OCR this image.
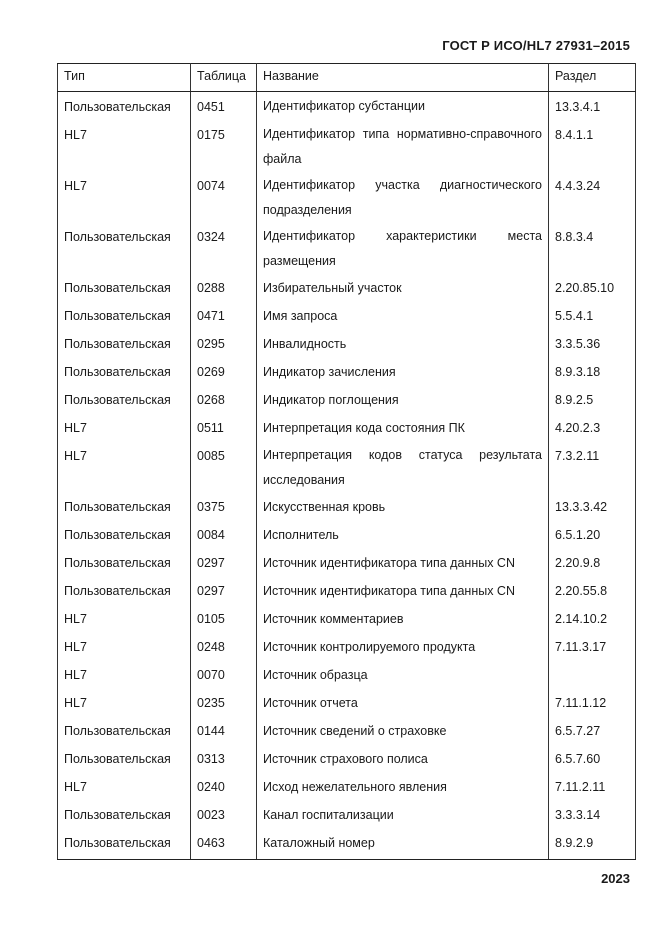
ГОСТ Р ИСО/HL7 27931–2015
Тип	Таблица	Название	Раздел
Пользовательская	0451	Идентификатор субстанции	13.3.4.1
HL7	0175	Идентификатор типа нормативно-справочного файла	8.4.1.1
HL7	0074	Идентификатор участка диагностического подразделения	4.4.3.24
Пользовательская	0324	Идентификатор характеристики места размещения	8.8.3.4
Пользовательская	0288	Избирательный участок	2.20.85.10
Пользовательская	0471	Имя запроса	5.5.4.1
Пользовательская	0295	Инвалидность	3.3.5.36
Пользовательская	0269	Индикатор зачисления	8.9.3.18
Пользовательская	0268	Индикатор поглощения	8.9.2.5
HL7	0511	Интерпретация кода состояния ПК	4.20.2.3
HL7	0085	Интерпретация кодов статуса результата исследования	7.3.2.11
Пользовательская	0375	Искусственная кровь	13.3.3.42
Пользовательская	0084	Исполнитель	6.5.1.20
Пользовательская	0297	Источник идентификатора типа данных CN	2.20.9.8
Пользовательская	0297	Источник идентификатора типа данных CN	2.20.55.8
HL7	0105	Источник комментариев	2.14.10.2
HL7	0248	Источник контролируемого продукта	7.11.3.17
HL7	0070	Источник образца	
HL7	0235	Источник отчета	7.11.1.12
Пользовательская	0144	Источник сведений о страховке	6.5.7.27
Пользовательская	0313	Источник страхового полиса	6.5.7.60
HL7	0240	Исход нежелательного явления	7.11.2.11
Пользовательская	0023	Канал госпитализации	3.3.3.14
Пользовательская	0463	Каталожный номер	8.9.2.9
2023
